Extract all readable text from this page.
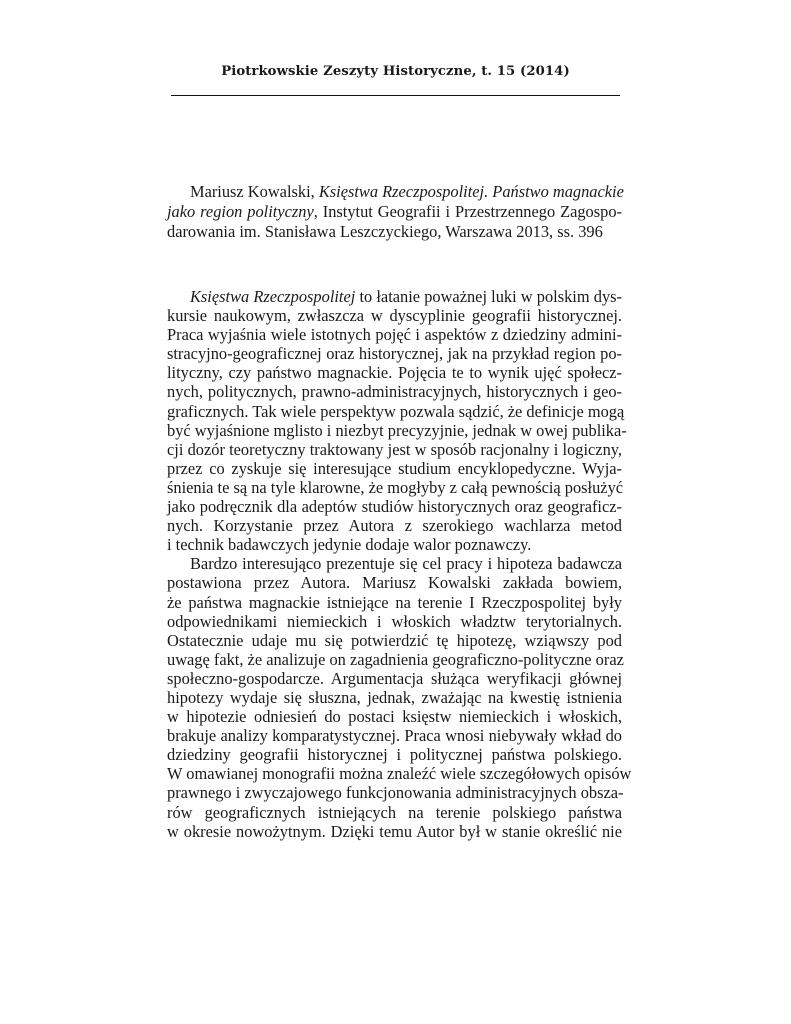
Piotrkowskie Zeszyty Historyczne, t. 15 (2014)
Mariusz Kowalski, Księstwa Rzeczpospolitej. Państwo magnackie
jako region polityczny, Instytut Geografii i Przestrzennego Zagospo-
darowania im. Stanisława Leszczyckiego, Warszawa 2013, ss. 396
Księstwa Rzeczpospolitej to łatanie poważnej luki w polskim dys-
kursie naukowym, zwłaszcza w dyscyplinie geografii historycznej.
Praca wyjaśnia wiele istotnych pojęć i aspektów z dziedziny admini-
stracyjno-geograficznej oraz historycznej, jak na przykład region po-
lityczny, czy państwo magnackie. Pojęcia te to wynik ujęć społecz-
nych, politycznych, prawno-administracyjnych, historycznych i geo-
graficznych. Tak wiele perspektyw pozwala sądzić, że definicje mogą
być wyjaśnione mglisto i niezbyt precyzyjnie, jednak w owej publika-
cji dozór teoretyczny traktowany jest w sposób racjonalny i logiczny,
przez co zyskuje się interesujące studium encyklopedyczne. Wyja-
śnienia te są na tyle klarowne, że mogłyby z całą pewnością posłużyć
jako podręcznik dla adeptów studiów historycznych oraz geograficz-
nych. Korzystanie przez Autora z szerokiego wachlarza metod
i technik badawczych jedynie dodaje walor poznawczy.
Bardzo interesująco prezentuje się cel pracy i hipoteza badawcza
postawiona przez Autora. Mariusz Kowalski zakłada bowiem,
że państwa magnackie istniejące na terenie I Rzeczpospolitej były
odpowiednikami niemieckich i włoskich władztw terytorialnych.
Ostatecznie udaje mu się potwierdzić tę hipotezę, wziąwszy pod
uwagę fakt, że analizuje on zagadnienia geograficzno-polityczne oraz
społeczno-gospodarcze. Argumentacja służąca weryfikacji głównej
hipotezy wydaje się słuszna, jednak, zważając na kwestię istnienia
w hipotezie odniesień do postaci księstw niemieckich i włoskich,
brakuje analizy komparatystycznej. Praca wnosi niebywały wkład do
dziedziny geografii historycznej i politycznej państwa polskiego.
W omawianej monografii można znaleźć wiele szczegółowych opisów
prawnego i zwyczajowego funkcjonowania administracyjnych obsza-
rów geograficznych istniejących na terenie polskiego państwa
w okresie nowożytnym. Dzięki temu Autor był w stanie określić nie
